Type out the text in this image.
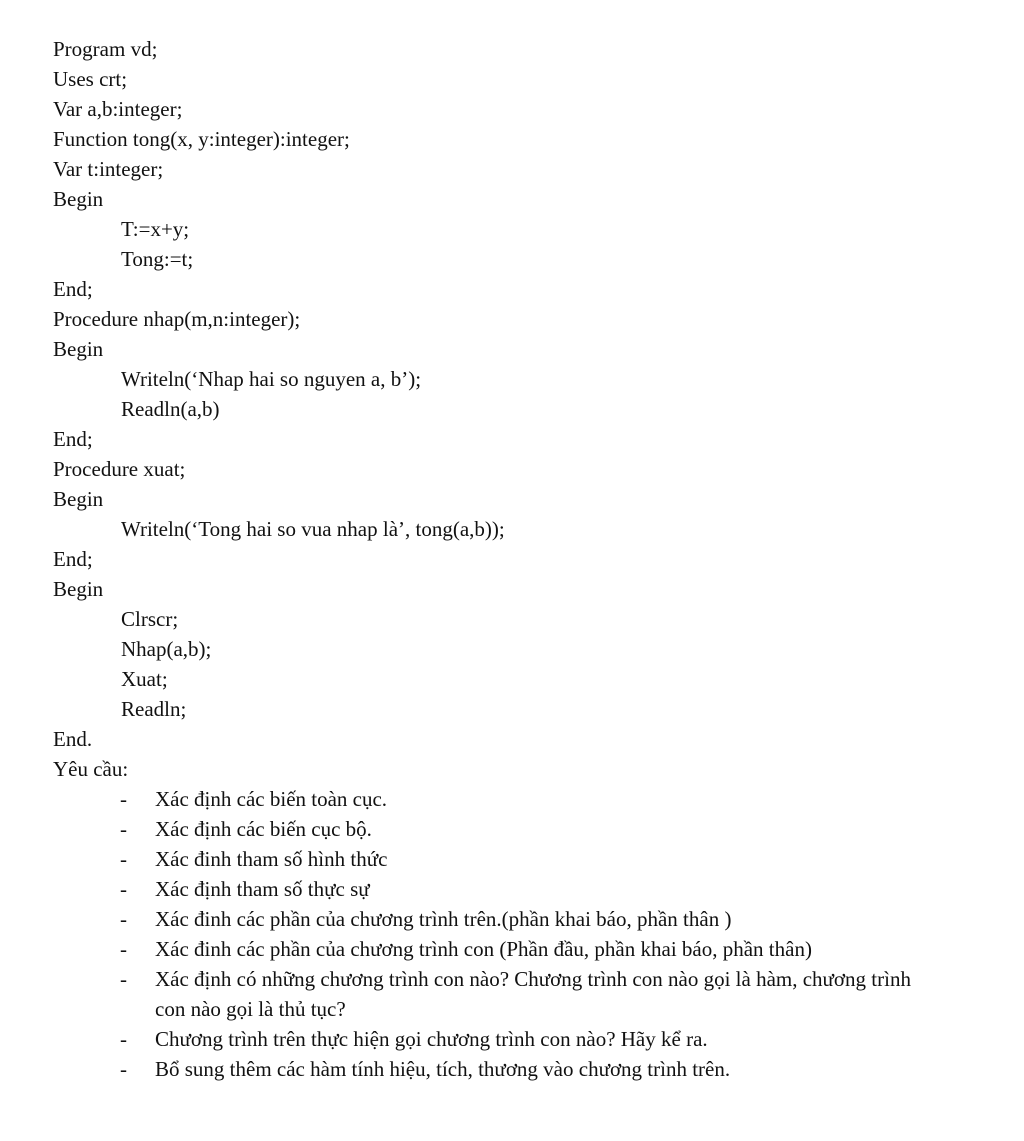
Program vd;
Uses crt;
Var a,b:integer;
Function tong(x, y:integer):integer;
Var t:integer;
Begin
T:=x+y;
Tong:=t;
End;
Procedure nhap(m,n:integer);
Begin
Writeln(‘Nhap hai so nguyen a, b’);
Readln(a,b)
End;
Procedure xuat;
Begin
Writeln(‘Tong hai so vua nhap là’, tong(a,b));
End;
Begin
Clrscr;
Nhap(a,b);
Xuat;
Readln;
End.
Yêu cầu:
- Xác định các biến toàn cục.
- Xác định các biến cục bộ.
- Xác đinh tham số hình thức
- Xác định tham số thực sự
- Xác đinh các phần của chương trình trên.(phần khai báo, phần thân )
- Xác đinh các phần của chương trình con (Phần đầu, phần khai báo, phần thân)
- Xác định có những chương trình con nào? Chương trình con nào gọi là hàm, chương trình con nào gọi là thủ tục?
- Chương trình trên thực hiện gọi chương trình con nào? Hãy kể ra.
- Bổ sung thêm các hàm tính hiệu, tích, thương vào chương trình trên.
